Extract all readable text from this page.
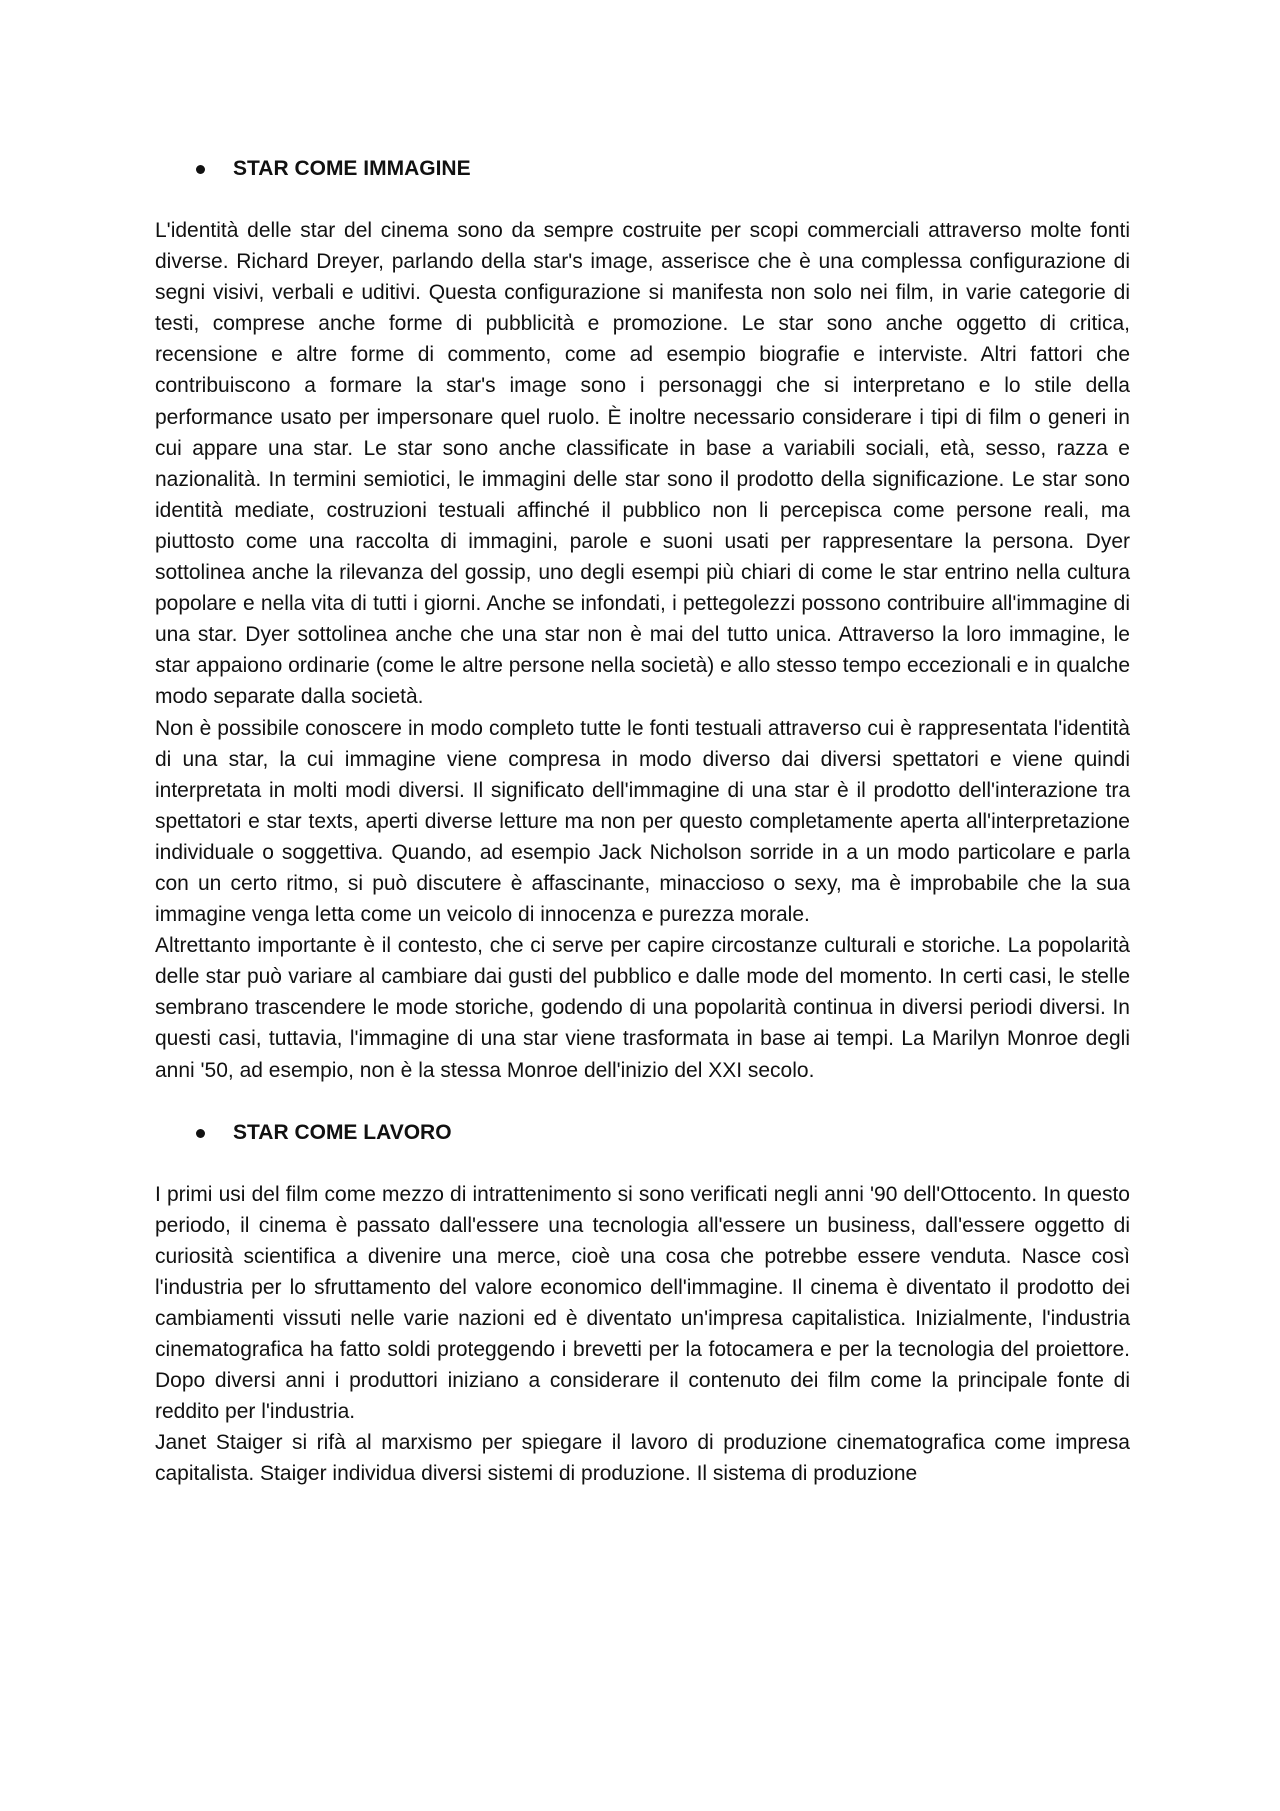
STAR COME IMMAGINE

L'identità delle star del cinema sono da sempre costruite per scopi commerciali attraverso molte fonti diverse. Richard Dreyer, parlando della star's image, asserisce che è una complessa configurazione di segni visivi, verbali e uditivi. Questa configurazione si manifesta non solo nei film, in varie categorie di testi, comprese anche forme di pubblicità e promozione. Le star sono anche oggetto di critica, recensione e altre forme di commento, come ad esempio biografie e interviste. Altri fattori che contribuiscono a formare la star's image sono i personaggi che si interpretano e lo stile della performance usato per impersonare quel ruolo. È inoltre necessario considerare i tipi di film o generi in cui appare una star. Le star sono anche classificate in base a variabili sociali, età, sesso, razza e nazionalità. In termini semiotici, le immagini delle star sono il prodotto della significazione. Le star sono identità mediate, costruzioni testuali affinché il pubblico non li percepisca come persone reali, ma piuttosto come una raccolta di immagini, parole e suoni usati per rappresentare la persona. Dyer sottolinea anche la rilevanza del gossip, uno degli esempi più chiari di come le star entrino nella cultura popolare e nella vita di tutti i giorni. Anche se infondati, i pettegolezzi possono contribuire all'immagine di una star. Dyer sottolinea anche che una star non è mai del tutto unica. Attraverso la loro immagine, le star appaiono ordinarie (come le altre persone nella società) e allo stesso tempo eccezionali e in qualche modo separate dalla società.

Non è possibile conoscere in modo completo tutte le fonti testuali attraverso cui è rappresentata l'identità di una star, la cui immagine viene compresa in modo diverso dai diversi spettatori e viene quindi interpretata in molti modi diversi. Il significato dell'immagine di una star è il prodotto dell'interazione tra spettatori e star texts, aperti diverse letture ma non per questo completamente aperta all'interpretazione individuale o soggettiva. Quando, ad esempio Jack Nicholson sorride in a un modo particolare e parla con un certo ritmo, si può discutere è affascinante, minaccioso o sexy, ma è improbabile che la sua immagine venga letta come un veicolo di innocenza e purezza morale.

Altrettanto importante è il contesto, che ci serve per capire circostanze culturali e storiche. La popolarità delle star può variare al cambiare dai gusti del pubblico e dalle mode del momento. In certi casi, le stelle sembrano trascendere le mode storiche, godendo di una popolarità continua in diversi periodi diversi. In questi casi, tuttavia, l'immagine di una star viene trasformata in base ai tempi. La Marilyn Monroe degli anni '50, ad esempio, non è la stessa Monroe dell'inizio del XXI secolo.

STAR COME LAVORO

I primi usi del film come mezzo di intrattenimento si sono verificati negli anni '90 dell'Ottocento. In questo periodo, il cinema è passato dall'essere una tecnologia all'essere un business, dall'essere oggetto di curiosità scientifica a divenire una merce, cioè una cosa che potrebbe essere venduta. Nasce così l'industria per lo sfruttamento del valore economico dell'immagine. Il cinema è diventato il prodotto dei cambiamenti vissuti nelle varie nazioni ed è diventato un'impresa capitalistica. Inizialmente, l'industria cinematografica ha fatto soldi proteggendo i brevetti per la fotocamera e per la tecnologia del proiettore. Dopo diversi anni i produttori iniziano a considerare il contenuto dei film come la principale fonte di reddito per l'industria.

Janet Staiger si rifà al marxismo per spiegare il lavoro di produzione cinematografica come impresa capitalista. Staiger individua diversi sistemi di produzione. Il sistema di produzione
